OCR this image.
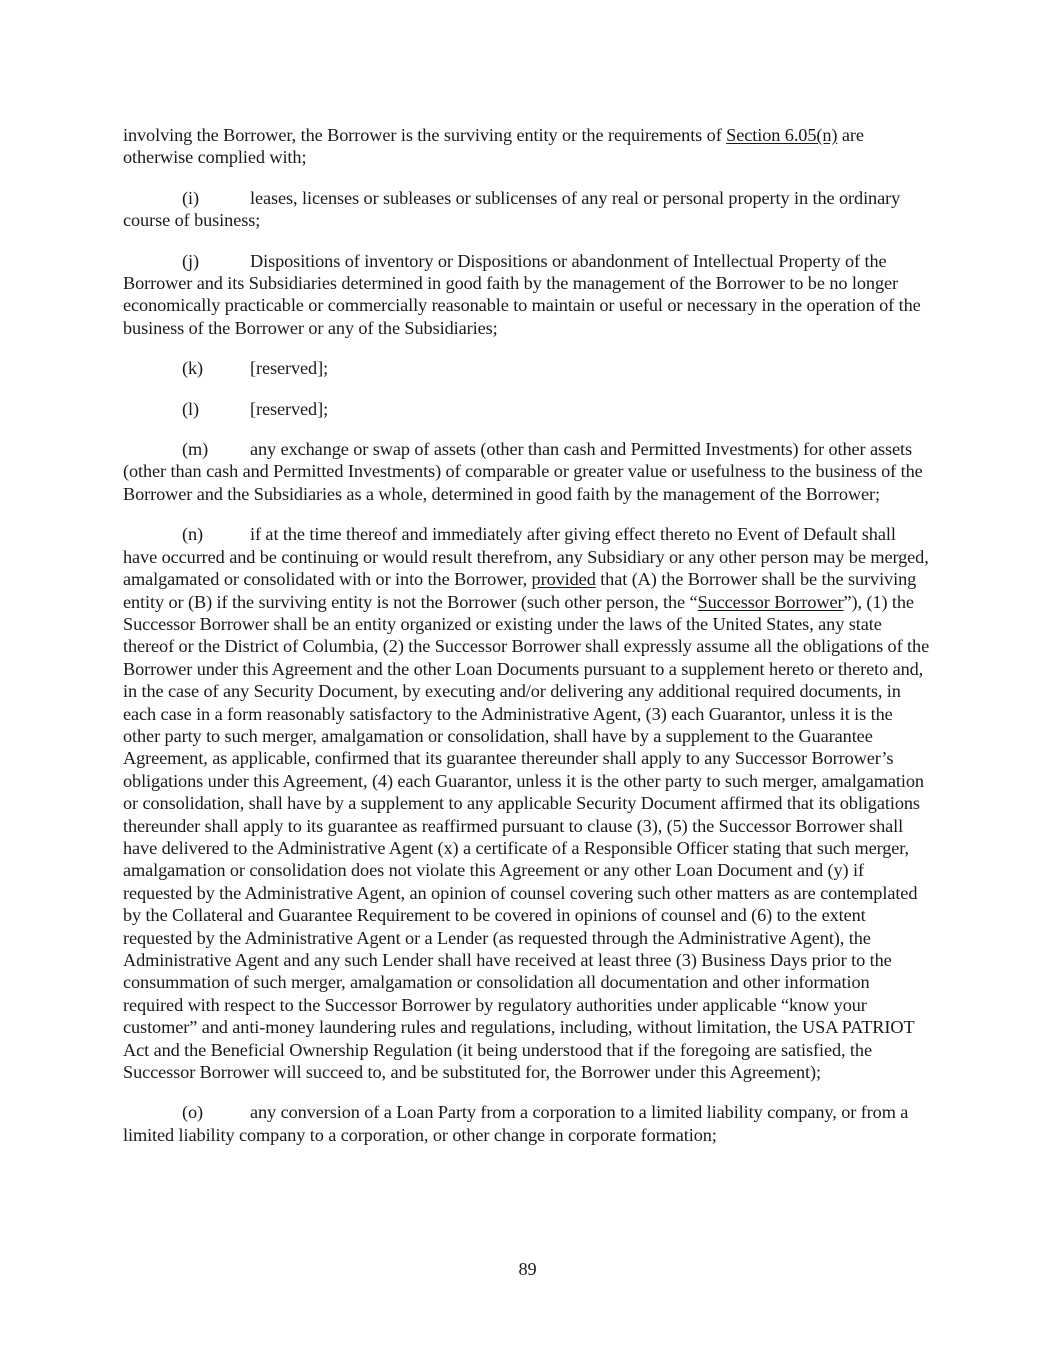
involving the Borrower, the Borrower is the surviving entity or the requirements of Section 6.05(n) are otherwise complied with;

(i)	leases, licenses or subleases or sublicenses of any real or personal property in the ordinary course of business;

(j)	Dispositions of inventory or Dispositions or abandonment of Intellectual Property of the Borrower and its Subsidiaries determined in good faith by the management of the Borrower to be no longer economically practicable or commercially reasonable to maintain or useful or necessary in the operation of the business of the Borrower or any of the Subsidiaries;

(k)	[reserved];

(l)	[reserved];

(m) any exchange or swap of assets (other than cash and Permitted Investments) for other assets (other than cash and Permitted Investments) of comparable or greater value or usefulness to the business of the Borrower and the Subsidiaries as a whole, determined in good faith by the management of the Borrower;

(n)	if at the time thereof and immediately after giving effect thereto no Event of Default shall have occurred and be continuing or would result therefrom, any Subsidiary or any other person may be merged, amalgamated or consolidated with or into the Borrower, provided that (A) the Borrower shall be the surviving entity or (B) if the surviving entity is not the Borrower (such other person, the “Successor Borrower”), (1) the Successor Borrower shall be an entity organized or existing under the laws of the United States, any state thereof or the District of Columbia, (2) the Successor Borrower shall expressly assume all the obligations of the Borrower under this Agreement and the other Loan Documents pursuant to a supplement hereto or thereto and, in the case of any Security Document, by executing and/or delivering any additional required documents, in each case in a form reasonably satisfactory to the Administrative Agent, (3) each Guarantor, unless it is the other party to such merger, amalgamation or consolidation, shall have by a supplement to the Guarantee Agreement, as applicable, confirmed that its guarantee thereunder shall apply to any Successor Borrower’s obligations under this Agreement, (4) each Guarantor, unless it is the other party to such merger, amalgamation or consolidation, shall have by a supplement to any applicable Security Document affirmed that its obligations thereunder shall apply to its guarantee as reaffirmed pursuant to clause (3), (5) the Successor Borrower shall have delivered to the Administrative Agent (x) a certificate of a Responsible Officer stating that such merger, amalgamation or consolidation does not violate this Agreement or any other Loan Document and (y) if requested by the Administrative Agent, an opinion of counsel covering such other matters as are contemplated by the Collateral and Guarantee Requirement to be covered in opinions of counsel and (6) to the extent requested by the Administrative Agent or a Lender (as requested through the Administrative Agent), the Administrative Agent and any such Lender shall have received at least three (3) Business Days prior to the consummation of such merger, amalgamation or consolidation all documentation and other information required with respect to the Successor Borrower by regulatory authorities under applicable “know your customer” and anti-money laundering rules and regulations, including, without limitation, the USA PATRIOT Act and the Beneficial Ownership Regulation (it being understood that if the foregoing are satisfied, the Successor Borrower will succeed to, and be substituted for, the Borrower under this Agreement);

(o)	any conversion of a Loan Party from a corporation to a limited liability company, or from a limited liability company to a corporation, or other change in corporate formation;

89
